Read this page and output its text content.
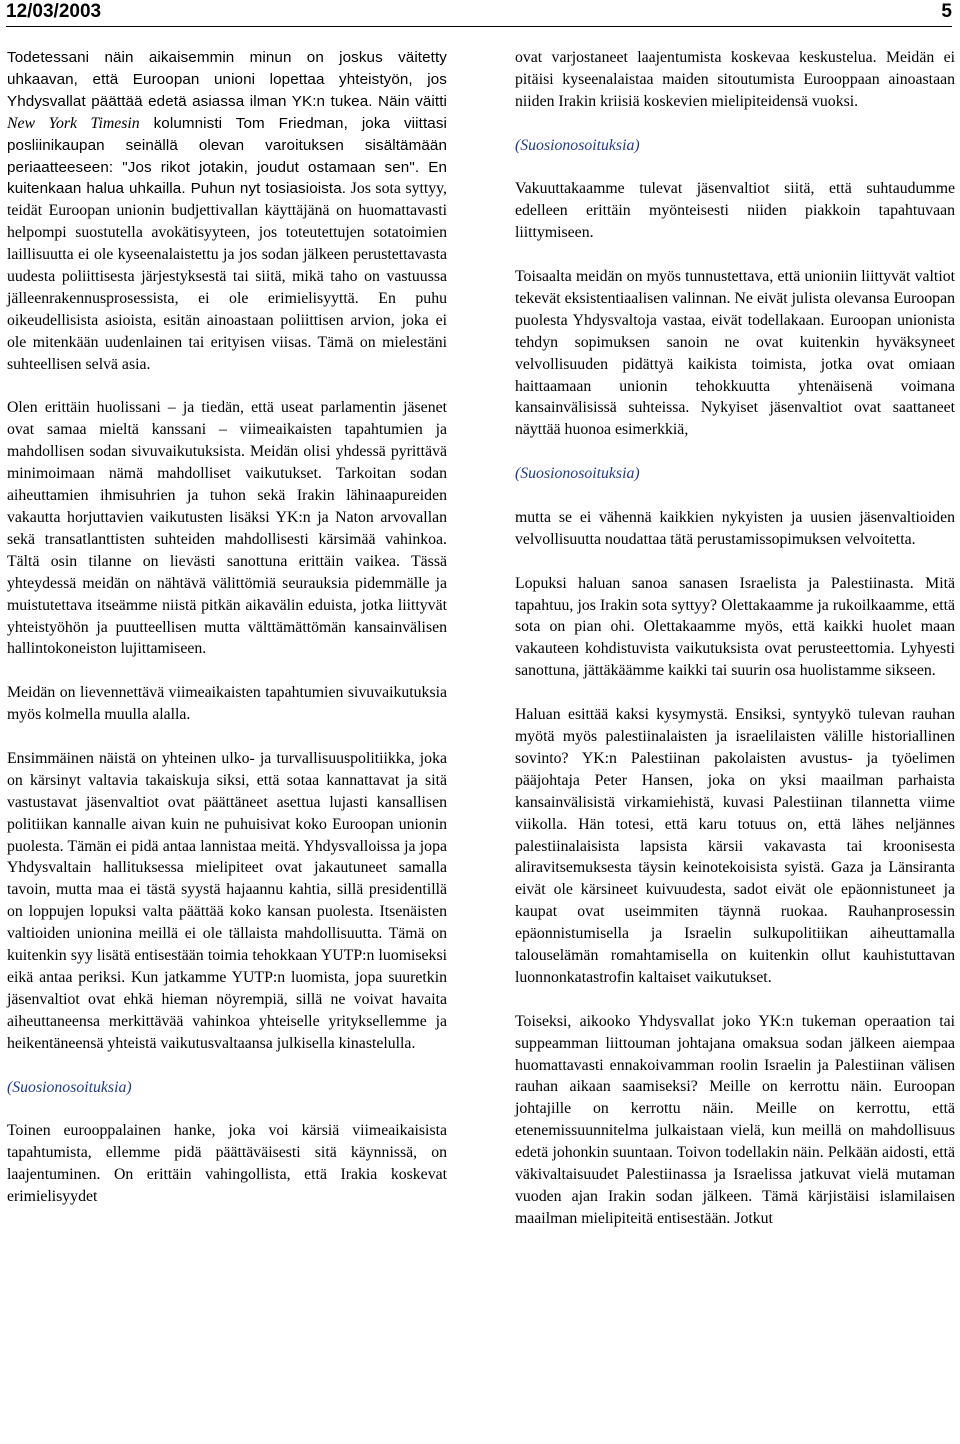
12/03/2003	5

Todetessani näin aikaisemmin minun on joskus väitetty uhkaavan, että Euroopan unioni lopettaa yhteistyön, jos Yhdysvallat päättää edetä asiassa ilman YK:n tukea. Näin väitti New York Timesin kolumnisti Tom Friedman, joka viittasi posliinikaupan seinällä olevan varoituksen sisältämään periaatteeseen: "Jos rikot jotakin, joudut ostamaan sen". En kuitenkaan halua uhkailla. Puhun nyt tosiasioista. Jos sota syttyy, teidät Euroopan unionin budjettivallan käyttäjänä on huomattavasti helpompi suostutella avokätisyyteen, jos toteutettujen sotatoimien laillisuutta ei ole kyseenalaistettu ja jos sodan jälkeen perustettavasta uudesta poliittisesta järjestyksestä tai siitä, mikä taho on vastuussa jälleenrakennusprosessista, ei ole erimielisyyttä. En puhu oikeudellisista asioista, esitän ainoastaan poliittisen arvion, joka ei ole mitenkään uudenlainen tai erityisen viisas. Tämä on mielestäni suhteellisen selvä asia.

Olen erittäin huolissani – ja tiedän, että useat parlamentin jäsenet ovat samaa mieltä kanssani – viimeaikaisten tapahtumien ja mahdollisen sodan sivuvaikutuksista. Meidän olisi yhdessä pyrittävä minimoimaan nämä mahdolliset vaikutukset. Tarkoitan sodan aiheuttamien ihmisuhrien ja tuhon sekä Irakin lähinaapureiden vakautta horjuttavien vaikutusten lisäksi YK:n ja Naton arvovallan sekä transatlanttisten suhteiden mahdollisesti kärsimää vahinkoa. Tältä osin tilanne on lievästi sanottuna erittäin vaikea. Tässä yhteydessä meidän on nähtävä välittömiä seurauksia pidemmälle ja muistutettava itseämme niistä pitkän aikavälin eduista, jotka liittyvät yhteistyöhön ja puutteellisen mutta välttämättömän kansainvälisen hallintokoneiston lujittamiseen.

Meidän on lievennettävä viimeaikaisten tapahtumien sivuvaikutuksia myös kolmella muulla alalla.

Ensimmäinen näistä on yhteinen ulko- ja turvallisuuspolitiikka, joka on kärsinyt valtavia takaiskuja siksi, että sotaa kannattavat ja sitä vastustavat jäsenvaltiot ovat päättäneet asettua lujasti kansallisen politiikan kannalle aivan kuin ne puhuisivat koko Euroopan unionin puolesta. Tämän ei pidä antaa lannistaa meitä. Yhdysvalloissa ja jopa Yhdysvaltain hallituksessa mielipiteet ovat jakautuneet samalla tavoin, mutta maa ei tästä syystä hajaannu kahtia, sillä presidentillä on loppujen lopuksi valta päättää koko kansan puolesta. Itsenäisten valtioiden unionina meillä ei ole tällaista mahdollisuutta. Tämä on kuitenkin syy lisätä entisestään toimia tehokkaan YUTP:n luomiseksi eikä antaa periksi. Kun jatkamme YUTP:n luomista, jopa suuretkin jäsenvaltiot ovat ehkä hieman nöyrempiä, sillä ne voivat havaita aiheuttaneensa merkittävää vahinkoa yhteiselle yrityksellemme ja heikentäneensä yhteistä vaikutusvaltaansa julkisella kinastelulla.

(Suosionosoituksia)

Toinen eurooppalainen hanke, joka voi kärsiä viimeaikaisista tapahtumista, ellemme pidä päättäväisesti sitä käynnissä, on laajentuminen. On erittäin vahingollista, että Irakia koskevat erimielisyydet

ovat varjostaneet laajentumista koskevaa keskustelua. Meidän ei pitäisi kyseenalaistaa maiden sitoutumista Eurooppaan ainoastaan niiden Irakin kriisiä koskevien mielipiteidensä vuoksi.

(Suosionosoituksia)

Vakuuttakaamme tulevat jäsenvaltiot siitä, että suhtaudumme edelleen erittäin myönteisesti niiden piakkoin tapahtuvaan liittymiseen.

Toisaalta meidän on myös tunnustettava, että unioniin liittyvät valtiot tekevät eksistentiaalisen valinnan. Ne eivät julista olevansa Euroopan puolesta Yhdysvaltoja vastaa, eivät todellakaan. Euroopan unionista tehdyn sopimuksen sanoin ne ovat kuitenkin hyväksyneet velvollisuuden pidättyä kaikista toimista, jotka ovat omiaan haittaamaan unionin tehokkuutta yhtenäisenä voimana kansainvälisissä suhteissa. Nykyiset jäsenvaltiot ovat saattaneet näyttää huonoa esimerkkiä,

(Suosionosoituksia)

mutta se ei vähennä kaikkien nykyisten ja uusien jäsenvaltioiden velvollisuutta noudattaa tätä perustamissopimuksen velvoitetta.

Lopuksi haluan sanoa sanasen Israelista ja Palestiinasta. Mitä tapahtuu, jos Irakin sota syttyy? Olettakaamme ja rukoilkaamme, että sota on pian ohi. Olettakaamme myös, että kaikki huolet maan vakauteen kohdistuvista vaikutuksista ovat perusteettomia. Lyhyesti sanottuna, jättäkäämme kaikki tai suurin osa huolistamme sikseen.

Haluan esittää kaksi kysymystä. Ensiksi, syntyykö tulevan rauhan myötä myös palestiinalaisten ja israelilaisten välille historiallinen sovinto? YK:n Palestiinan pakolaisten avustus- ja työelimen pääjohtaja Peter Hansen, joka on yksi maailman parhaista kansainvälisistä virkamiehistä, kuvasi Palestiinan tilannetta viime viikolla. Hän totesi, että karu totuus on, että lähes neljännes palestiinalaisista lapsista kärsii vakavasta tai kroonisesta aliravitsemuksesta täysin keinotekoisista syistä. Gaza ja Länsiranta eivät ole kärsineet kuivuudesta, sadot eivät ole epäonnistuneet ja kaupat ovat useimmiten täynnä ruokaa. Rauhanprosessin epäonnistumisella ja Israelin sulkupolitiikan aiheuttamalla talouselämän romahtamisella on kuitenkin ollut kauhistuttavan luonnonkatastrofin kaltaiset vaikutukset.

Toiseksi, aikooko Yhdysvallat joko YK:n tukeman operaation tai suppeamman liittouman johtajana omaksua sodan jälkeen aiempaa huomattavasti ennakoivamman roolin Israelin ja Palestiinan välisen rauhan aikaan saamiseksi? Meille on kerrottu näin. Euroopan johtajille on kerrottu näin. Meille on kerrottu, että etenemissuunnitelma julkaistaan vielä, kun meillä on mahdollisuus edetä johonkin suuntaan. Toivon todellakin näin. Pelkään aidosti, että väkivaltaisuudet Palestiinassa ja Israelissa jatkuvat vielä mutaman vuoden ajan Irakin sodan jälkeen. Tämä kärjistäisi islamilaisen maailman mielipiteitä entisestään. Jotkut
